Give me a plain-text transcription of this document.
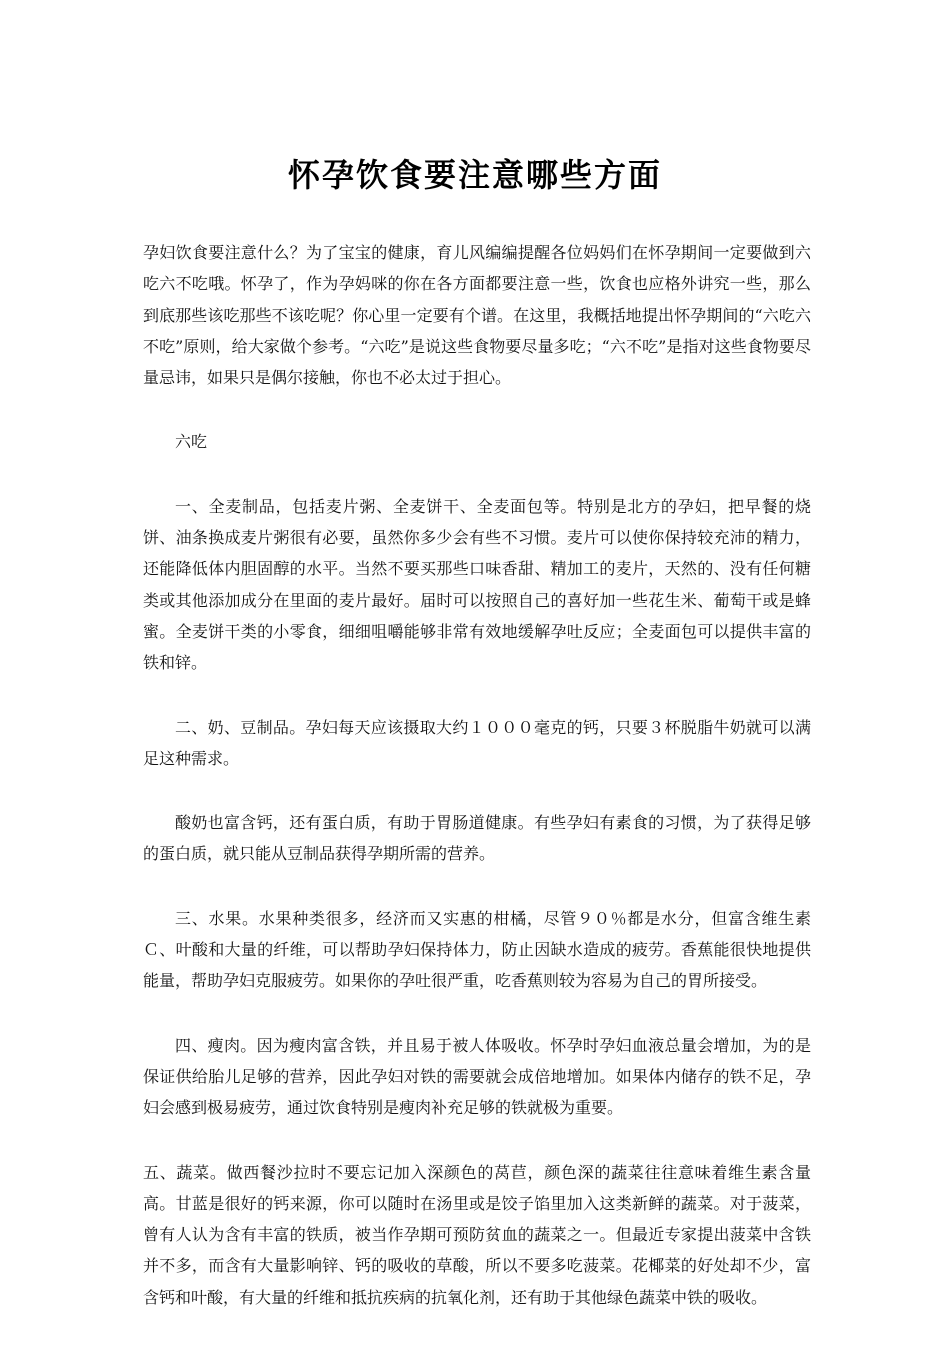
怀孕饮食要注意哪些方面

孕妇饮食要注意什么？为了宝宝的健康，育儿风编编提醒各位妈妈们在怀孕期间一定要做到六吃六不吃哦。怀孕了，作为孕妈咪的你在各方面都要注意一些，饮食也应格外讲究一些，那么到底那些该吃那些不该吃呢？你心里一定要有个谱。在这里，我概括地提出怀孕期间的“六吃六不吃”原则，给大家做个参考。“六吃”是说这些食物要尽量多吃；“六不吃”是指对这些食物要尽量忌讳，如果只是偶尔接触，你也不必太过于担心。

六吃

一、全麦制品，包括麦片粥、全麦饼干、全麦面包等。特别是北方的孕妇，把早餐的烧饼、油条换成麦片粥很有必要，虽然你多少会有些不习惯。麦片可以使你保持较充沛的精力，还能降低体内胆固醇的水平。当然不要买那些口味香甜、精加工的麦片，天然的、没有任何糖类或其他添加成分在里面的麦片最好。届时可以按照自己的喜好加一些花生米、葡萄干或是蜂蜜。全麦饼干类的小零食，细细咀嚼能够非常有效地缓解孕吐反应；全麦面包可以提供丰富的铁和锌。

二、奶、豆制品。孕妇每天应该摄取大约１０００毫克的钙，只要３杯脱脂牛奶就可以满足这种需求。

酸奶也富含钙，还有蛋白质，有助于胃肠道健康。有些孕妇有素食的习惯，为了获得足够的蛋白质，就只能从豆制品获得孕期所需的营养。

三、水果。水果种类很多，经济而又实惠的柑橘，尽管９０％都是水分，但富含维生素Ｃ、叶酸和大量的纤维，可以帮助孕妇保持体力，防止因缺水造成的疲劳。香蕉能很快地提供能量，帮助孕妇克服疲劳。如果你的孕吐很严重，吃香蕉则较为容易为自己的胃所接受。

四、瘦肉。因为瘦肉富含铁，并且易于被人体吸收。怀孕时孕妇血液总量会增加，为的是保证供给胎儿足够的营养，因此孕妇对铁的需要就会成倍地增加。如果体内储存的铁不足，孕妇会感到极易疲劳，通过饮食特别是瘦肉补充足够的铁就极为重要。

五、蔬菜。做西餐沙拉时不要忘记加入深颜色的莴苣，颜色深的蔬菜往往意味着维生素含量高。甘蓝是很好的钙来源，你可以随时在汤里或是饺子馅里加入这类新鲜的蔬菜。对于菠菜，曾有人认为含有丰富的铁质，被当作孕期可预防贫血的蔬菜之一。但最近专家提出菠菜中含铁并不多，而含有大量影响锌、钙的吸收的草酸，所以不要多吃菠菜。花椰菜的好处却不少，富含钙和叶酸，有大量的纤维和抵抗疾病的抗氧化剂，还有助于其他绿色蔬菜中铁的吸收。
